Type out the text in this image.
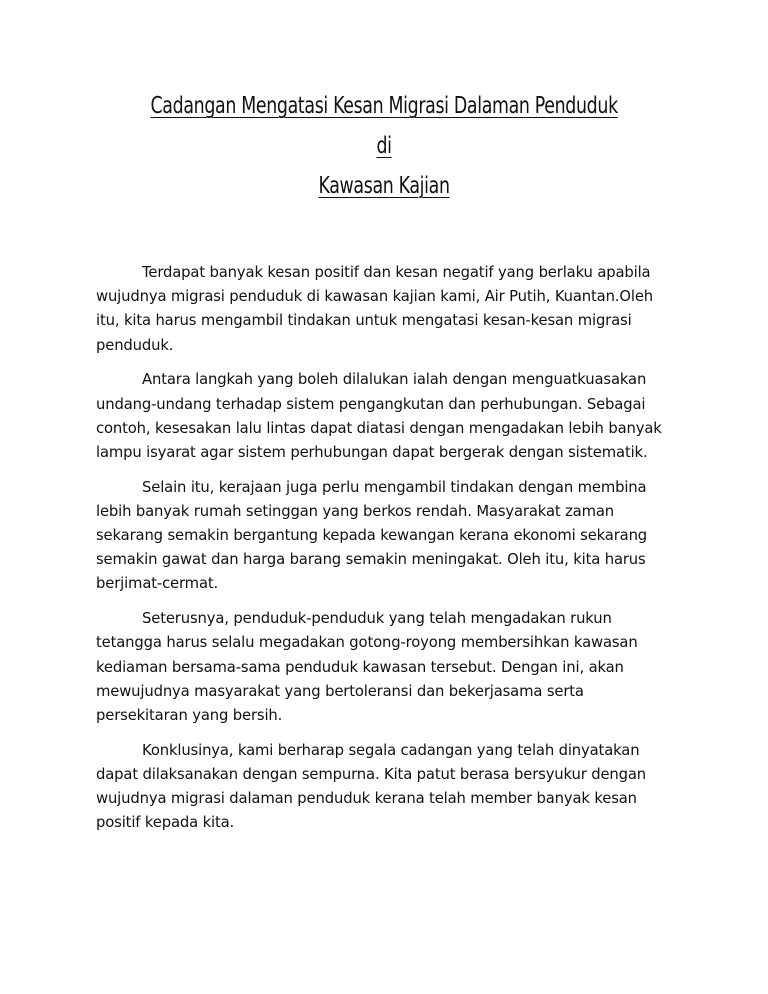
Cadangan Mengatasi Kesan Migrasi Dalaman Penduduk
di
Kawasan Kajian

Terdapat banyak kesan positif dan kesan negatif yang berlaku apabila wujudnya migrasi penduduk di kawasan kajian kami, Air Putih, Kuantan.Oleh itu, kita harus mengambil tindakan untuk mengatasi kesan-kesan migrasi penduduk.

Antara langkah yang boleh dilalukan ialah dengan menguatkuasakan undang-undang terhadap sistem pengangkutan dan perhubungan. Sebagai contoh, kesesakan lalu lintas dapat diatasi dengan mengadakan lebih banyak lampu isyarat agar sistem perhubungan dapat bergerak dengan sistematik.

Selain itu, kerajaan juga perlu mengambil tindakan dengan membina lebih banyak rumah setinggan yang berkos rendah. Masyarakat zaman sekarang semakin bergantung kepada kewangan kerana ekonomi sekarang semakin gawat dan harga barang semakin meningakat. Oleh itu, kita harus berjimat-cermat.

Seterusnya, penduduk-penduduk yang telah mengadakan rukun tetangga harus selalu megadakan gotong-royong membersihkan kawasan kediaman bersama-sama penduduk kawasan tersebut. Dengan ini, akan mewujudnya masyarakat yang bertoleransi dan bekerjasama serta persekitaran yang bersih.

Konklusinya, kami berharap segala cadangan yang telah dinyatakan dapat dilaksanakan dengan sempurna. Kita patut berasa bersyukur dengan wujudnya migrasi dalaman penduduk kerana telah member banyak kesan positif kepada kita.
